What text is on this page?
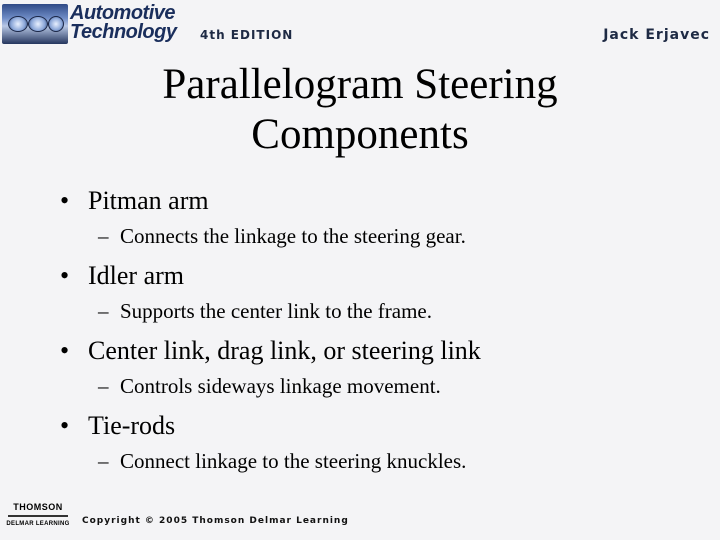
Automotive
Technology 4th EDITION	Jack Erjavec
Parallelogram Steering
Components
• Pitman arm
– Connects the linkage to the steering gear.
• Idler arm
– Supports the center link to the frame.
• Center link, drag link, or steering link
– Controls sideways linkage movement.
• Tie-rods
– Connect linkage to the steering knuckles.
THOMSON
DELMAR LEARNING	Copyright © 2005 Thomson Delmar Learning
